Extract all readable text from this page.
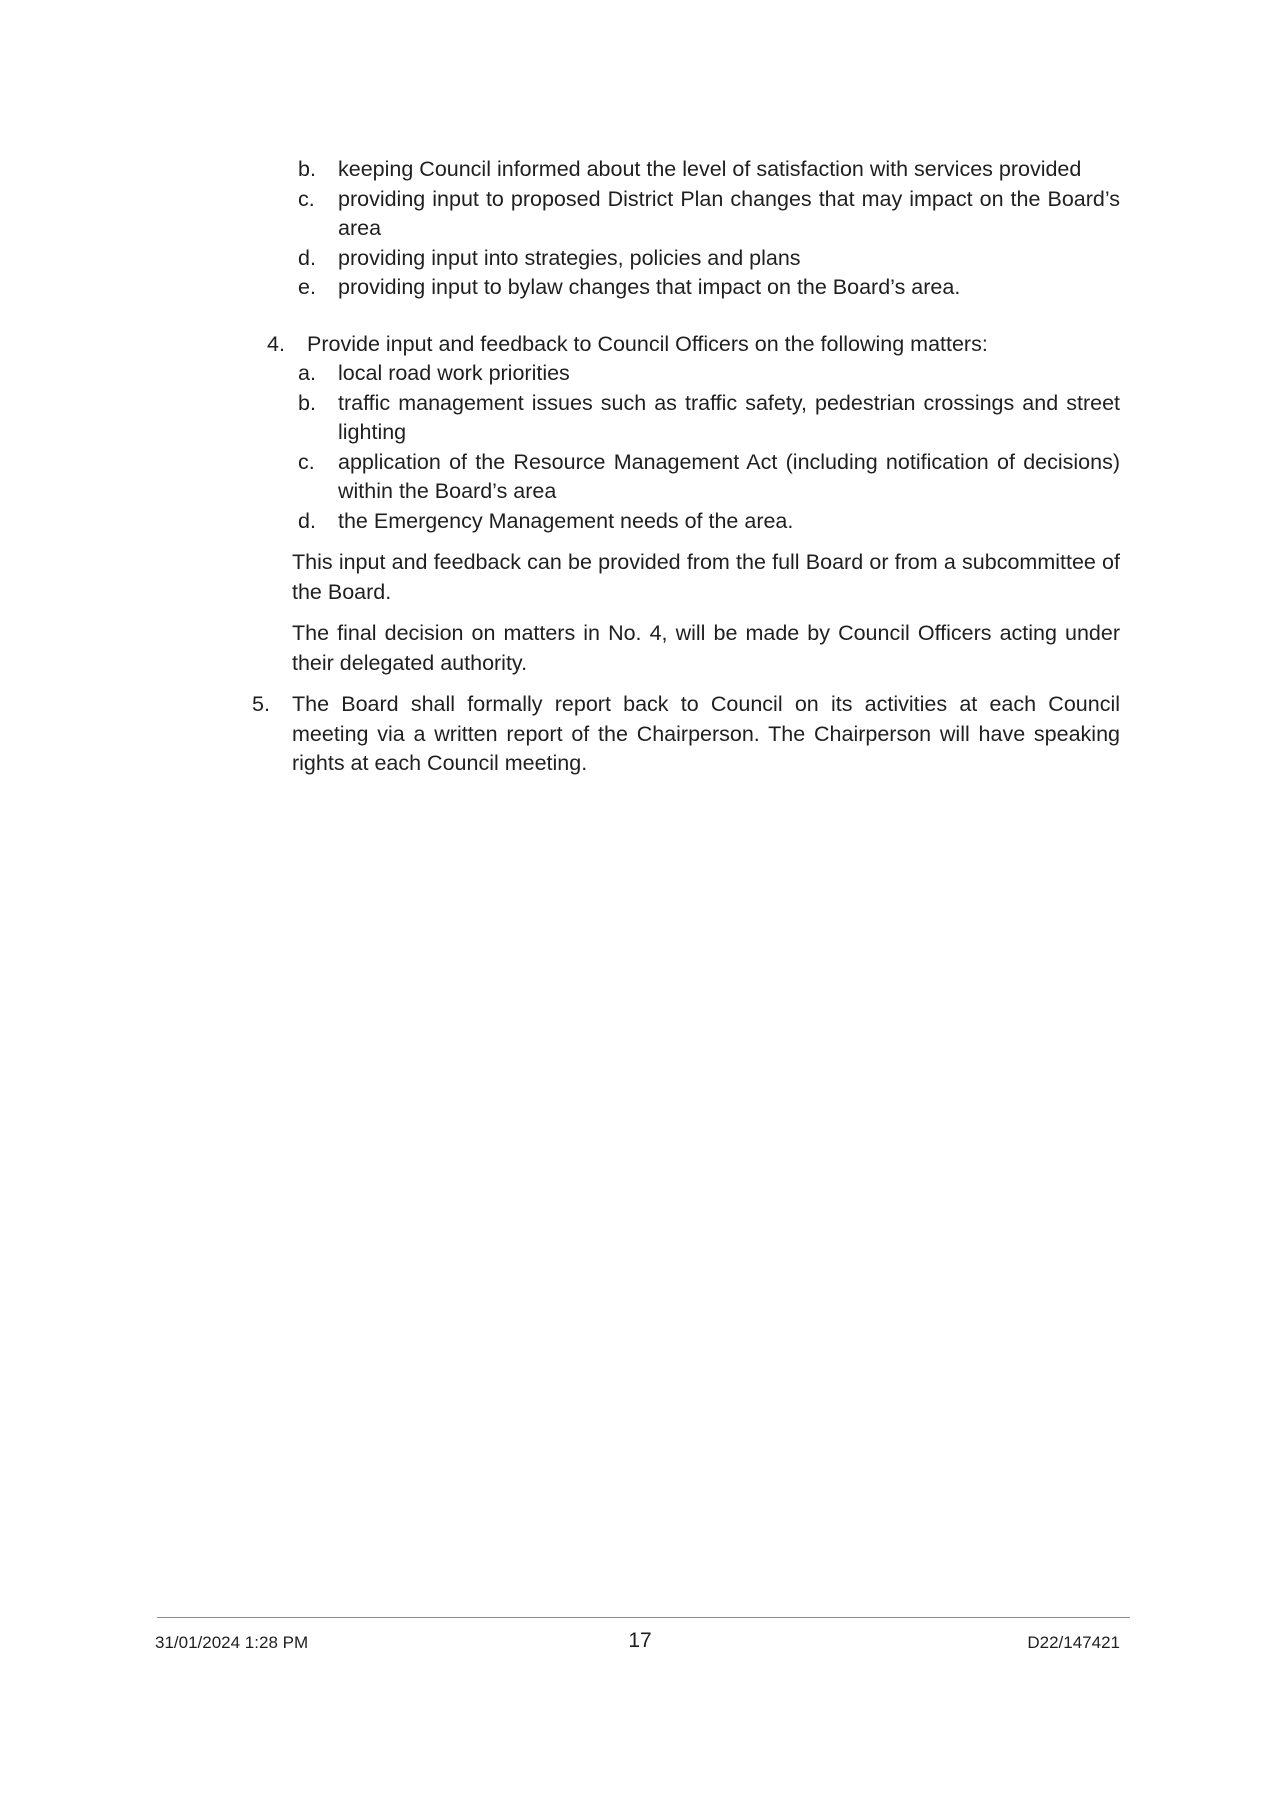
b. keeping Council informed about the level of satisfaction with services provided
c. providing input to proposed District Plan changes that may impact on the Board’s area
d. providing input into strategies, policies and plans
e. providing input to bylaw changes that impact on the Board’s area.
4. Provide input and feedback to Council Officers on the following matters:
a. local road work priorities
b. traffic management issues such as traffic safety, pedestrian crossings and street lighting
c. application of the Resource Management Act (including notification of decisions) within the Board’s area
d. the Emergency Management needs of the area.
This input and feedback can be provided from the full Board or from a subcommittee of the Board.
The final decision on matters in No. 4, will be made by Council Officers acting under their delegated authority.
5. The Board shall formally report back to Council on its activities at each Council meeting via a written report of the Chairperson. The Chairperson will have speaking rights at each Council meeting.
31/01/2024 1:28 PM	17	D22/147421
